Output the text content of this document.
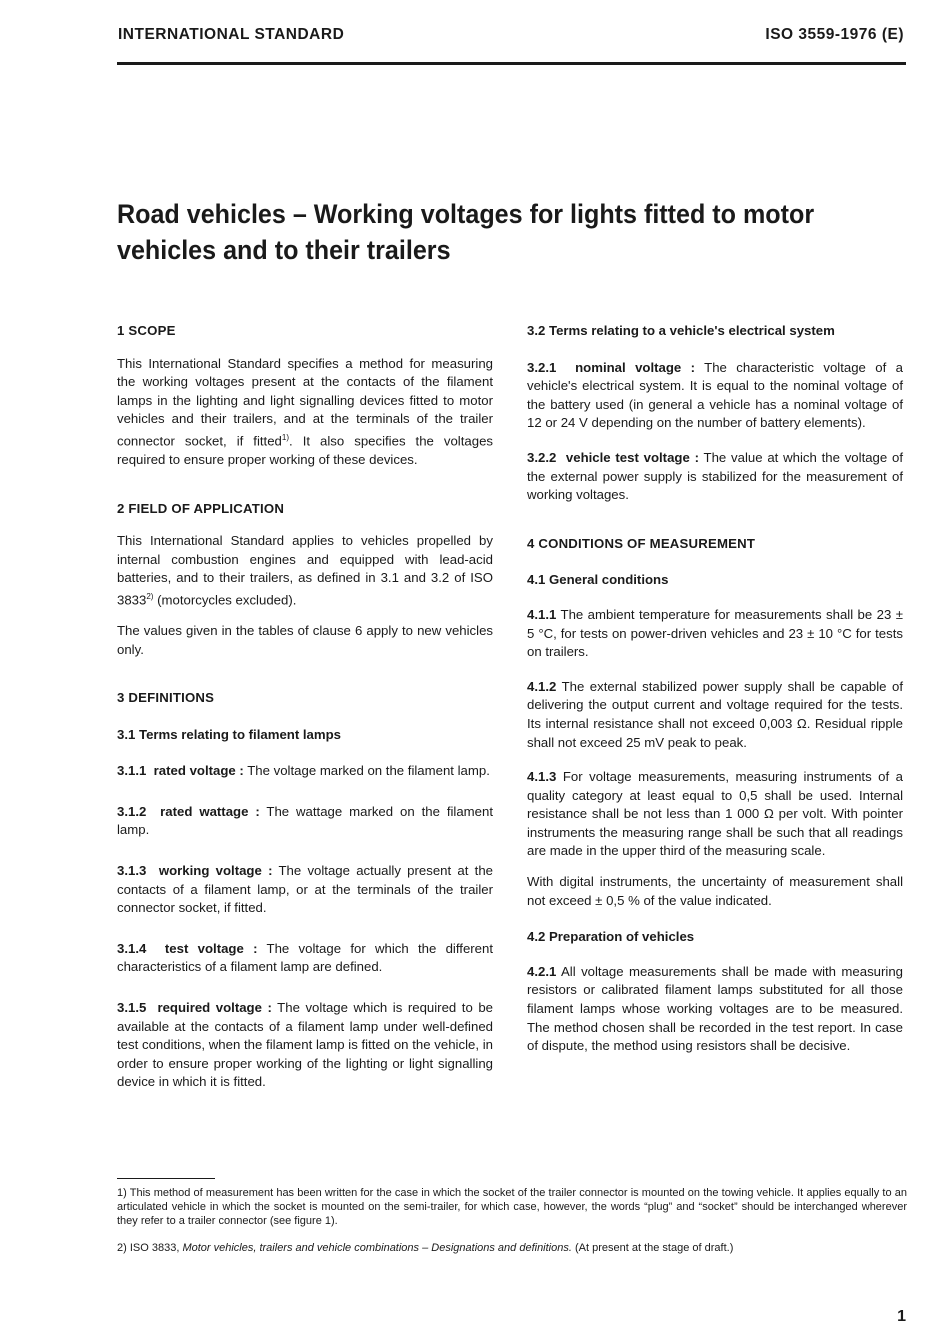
INTERNATIONAL STANDARD	ISO 3559-1976 (E)
Road vehicles – Working voltages for lights fitted to motor vehicles and to their trailers

1 SCOPE

This International Standard specifies a method for measuring the working voltages present at the contacts of the filament lamps in the lighting and light signalling devices fitted to motor vehicles and their trailers, and at the terminals of the trailer connector socket, if fitted$^{1)}$. It also specifies the voltages required to ensure proper working of these devices.

2 FIELD OF APPLICATION

This International Standard applies to vehicles propelled by internal combustion engines and equipped with lead-acid batteries, and to their trailers, as defined in 3.1 and 3.2 of ISO 3833$^{2)}$ (motorcycles excluded).

The values given in the tables of clause 6 apply to new vehicles only.

3 DEFINITIONS

3.1 Terms relating to filament lamps

3.1.1 rated voltage : The voltage marked on the filament lamp.

3.1.2 rated wattage : The wattage marked on the filament lamp.

3.1.3 working voltage : The voltage actually present at the contacts of a filament lamp, or at the terminals of the trailer connector socket, if fitted.

3.1.4 test voltage : The voltage for which the different characteristics of a filament lamp are defined.

3.1.5 required voltage : The voltage which is required to be available at the contacts of a filament lamp under well-defined test conditions, when the filament lamp is fitted on the vehicle, in order to ensure proper working of the lighting or light signalling device in which it is fitted.

3.2 Terms relating to a vehicle's electrical system

3.2.1 nominal voltage : The characteristic voltage of a vehicle's electrical system. It is equal to the nominal voltage of the battery used (in general a vehicle has a nominal voltage of 12 or 24 V depending on the number of battery elements).

3.2.2 vehicle test voltage : The value at which the voltage of the external power supply is stabilized for the measurement of working voltages.

4 CONDITIONS OF MEASUREMENT

4.1 General conditions

4.1.1 The ambient temperature for measurements shall be 23 ± 5 °C, for tests on power-driven vehicles and 23 ± 10 °C for tests on trailers.

4.1.2 The external stabilized power supply shall be capable of delivering the output current and voltage required for the tests. Its internal resistance shall not exceed 0,003 Ω. Residual ripple shall not exceed 25 mV peak to peak.

4.1.3 For voltage measurements, measuring instruments of a quality category at least equal to 0,5 shall be used. Internal resistance shall be not less than 1 000 Ω per volt. With pointer instruments the measuring range shall be such that all readings are made in the upper third of the measuring scale.

With digital instruments, the uncertainty of measurement shall not exceed ± 0,5 % of the value indicated.

4.2 Preparation of vehicles

4.2.1 All voltage measurements shall be made with measuring resistors or calibrated filament lamps substituted for all those filament lamps whose working voltages are to be measured. The method chosen shall be recorded in the test report. In case of dispute, the method using resistors shall be decisive.

1) This method of measurement has been written for the case in which the socket of the trailer connector is mounted on the towing vehicle. It applies equally to an articulated vehicle in which the socket is mounted on the semi-trailer, for which case, however, the words “plug” and “socket” should be interchanged wherever they refer to a trailer connector (see figure 1).

2) ISO 3833, Motor vehicles, trailers and vehicle combinations – Designations and definitions. (At present at the stage of draft.)

1
